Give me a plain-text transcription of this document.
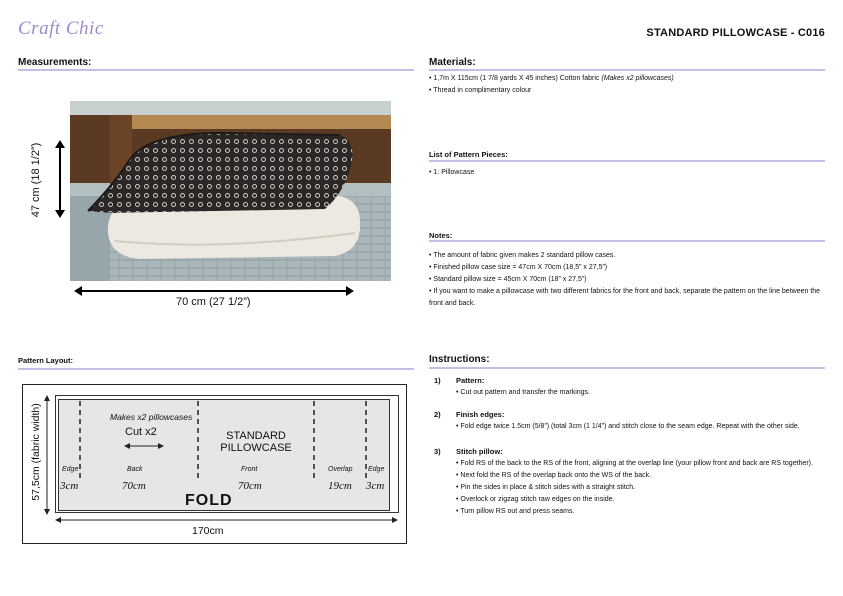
Craft Chic	STANDARD PILLOWCASE - C016
Measurements:
47 cm (18 1/2”)
70 cm (27 1/2”)
Materials:
• 1,7m X 115cm (1 7/8 yards X 45 inches) Cotton fabric (Makes x2 pillowcases)
• Thread in complimentary colour
List of Pattern Pieces:
• 1: Pillowcase
Notes:
• The amount of fabric given makes 2 standard pillow cases.
• Finished pillow case size = 47cm X 70cm (18,5” x 27,5”)
• Standard pillow size = 45cm X 70cm (18” x 27,5”)
• If you want to make a pillowcase with two different fabrics for the front and back, separate the pattern on the line between the front and back.
Pattern Layout:
Makes x2 pillowcases
Cut x2	STANDARD
PILLOWCASE
Edge	Back	Front	Overlap Edge
3cm	70cm	70cm	19cm 3cm
FOLD
57,5cm (fabric width)
170cm
Instructions:
1) Pattern:
• Cut out pattern and transfer the markings.
2) Finish edges:
• Fold edge twice 1.5cm (5/8”) (total 3cm (1 1/4”) and stitch close to the seam edge. Repeat with the other side.
3) Stitch pillow:
• Fold RS of the back to the RS of the front, aligning at the overlap line (your pillow front and back are RS together).
• Next fold the RS of the overlap back onto the WS of the back.
• Pin the sides in place & stitch sides with a straight stitch.
• Overlock or zigzag stitch raw edges on the inside.
• Turn pillow RS out and press seams.
